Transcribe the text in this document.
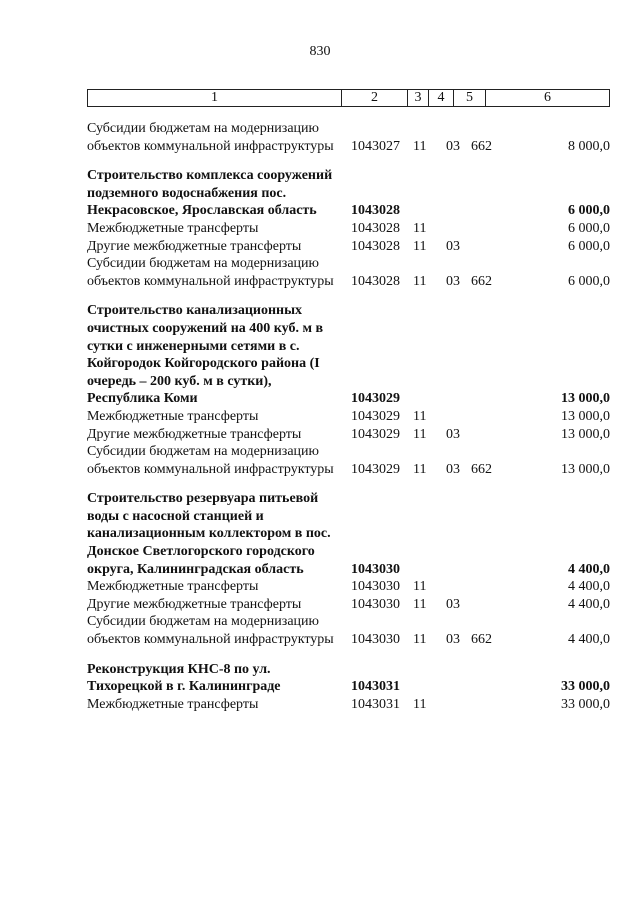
830
1	2	3	4	5	6
Субсидии бюджетам на модернизацию объектов коммунальной инфраструктуры	1043027 11 03 662	8 000,0
Строительство комплекса сооружений подземного водоснабжения пос. Некрасовское, Ярославская область	1043028	6 000,0
Межбюджетные трансферты	1043028 11	6 000,0
Другие межбюджетные трансферты	1043028 11 03	6 000,0
Субсидии бюджетам на модернизацию объектов коммунальной инфраструктуры	1043028 11 03 662	6 000,0
Строительство канализационных очистных сооружений на 400 куб. м в сутки с инженерными сетями в с. Койгородок Койгородского района (I очередь – 200 куб. м в сутки), Республика Коми	1043029	13 000,0
Межбюджетные трансферты	1043029 11	13 000,0
Другие межбюджетные трансферты	1043029 11 03	13 000,0
Субсидии бюджетам на модернизацию объектов коммунальной инфраструктуры	1043029 11 03 662	13 000,0
Строительство резервуара питьевой воды с насосной станцией и канализационным коллектором в пос. Донское Светлогорского городского округа, Калининградская область	1043030	4 400,0
Межбюджетные трансферты	1043030 11	4 400,0
Другие межбюджетные трансферты	1043030 11 03	4 400,0
Субсидии бюджетам на модернизацию объектов коммунальной инфраструктуры	1043030 11 03 662	4 400,0
Реконструкция КНС-8 по ул. Тихорецкой в г. Калининграде	1043031	33 000,0
Межбюджетные трансферты	1043031 11	33 000,0
